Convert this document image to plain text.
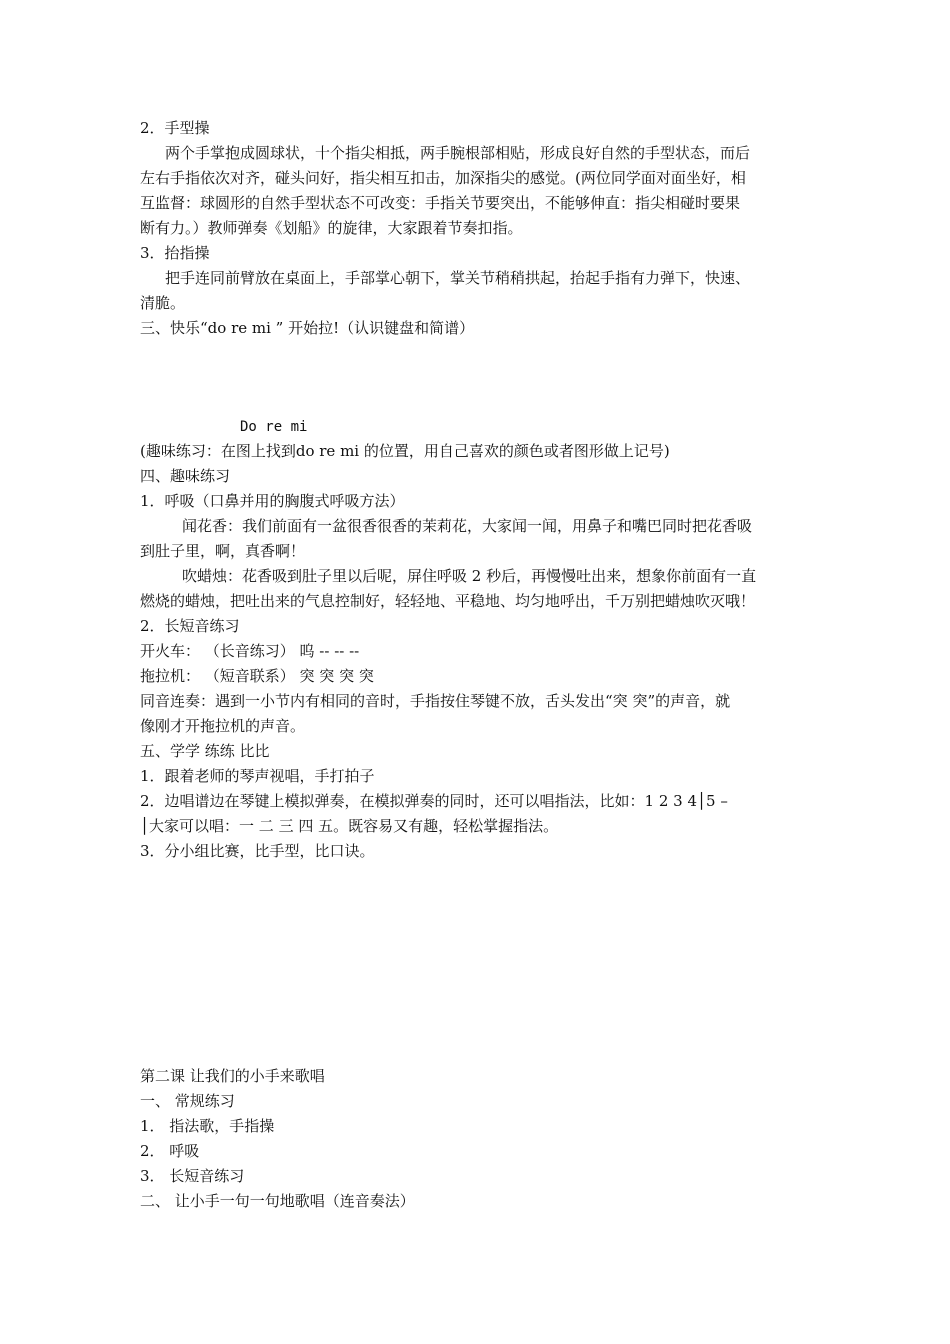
2．手型操
两个手掌抱成圆球状，十个指尖相抵，两手腕根部相贴，形成良好自然的手型状态，而后
左右手指依次对齐，碰头问好，指尖相互扣击，加深指尖的感觉。(两位同学面对面坐好，相
互监督：球圆形的自然手型状态不可改变：手指关节要突出，不能够伸直：指尖相碰时要果
断有力。）教师弹奏《划船》的旋律，大家跟着节奏扣指。
3．抬指操
把手连同前臂放在桌面上，手部掌心朝下，掌关节稍稍拱起，抬起手指有力弹下，快速、
清脆。
三、快乐“do re mi ” 开始拉!（认识键盘和简谱）
Do re mi
(趣味练习：在图上找到do re mi 的位置，用自己喜欢的颜色或者图形做上记号)
四、趣味练习
1．呼吸（口鼻并用的胸腹式呼吸方法）
闻花香：我们前面有一盆很香很香的茉莉花，大家闻一闻，用鼻子和嘴巴同时把花香吸
到肚子里，啊，真香啊！
吹蜡烛：花香吸到肚子里以后呢，屏住呼吸 2 秒后，再慢慢吐出来，想象你前面有一直
燃烧的蜡烛，把吐出来的气息控制好，轻轻地、平稳地、均匀地呼出，千万别把蜡烛吹灭哦！
2．长短音练习
开火车： （长音练习） 呜 -- -- --
拖拉机： （短音联系） 突 突 突 突
同音连奏：遇到一小节内有相同的音时，手指按住琴键不放，舌头发出“突 突”的声音，就
像刚才开拖拉机的声音。
五、学学 练练 比比
1．跟着老师的琴声视唱，手打拍子
2．边唱谱边在琴键上模拟弹奏，在模拟弹奏的同时，还可以唱指法，比如：1 2 3 4│5 –
│大家可以唱：一 二 三 四 五。既容易又有趣，轻松掌握指法。
3．分小组比赛，比手型，比口诀。
第二课 让我们的小手来歌唱
一、 常规练习
1． 指法歌，手指操
2． 呼吸
3． 长短音练习
二、 让小手一句一句地歌唱（连音奏法）
